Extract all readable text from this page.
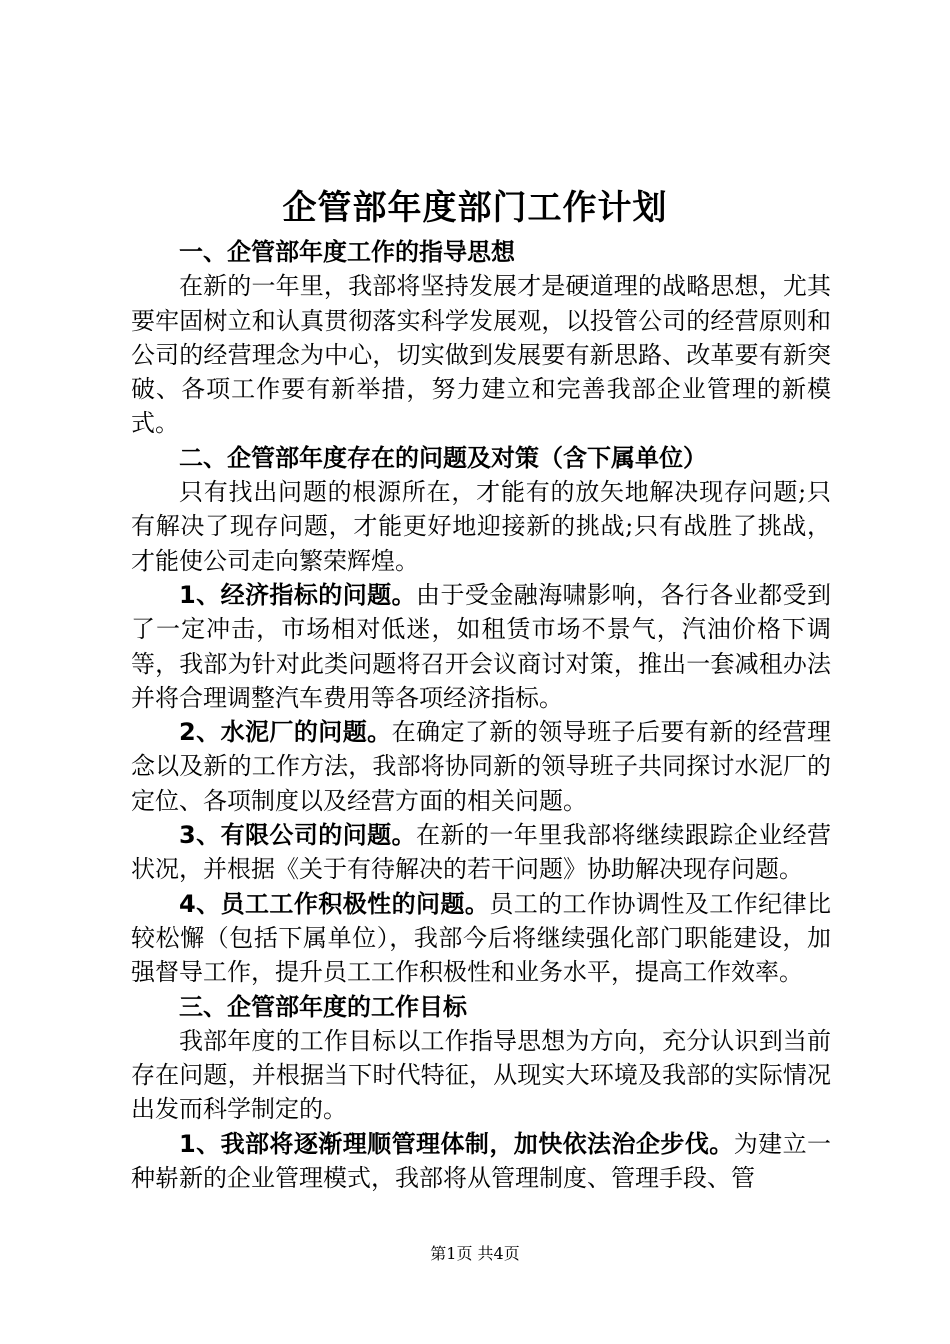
企管部年度部门工作计划

一、企管部年度工作的指导思想

在新的一年里，我部将坚持发展才是硬道理的战略思想，尤其要牢固树立和认真贯彻落实科学发展观，以投管公司的经营原则和公司的经营理念为中心，切实做到发展要有新思路、改革要有新突破、各项工作要有新举措，努力建立和完善我部企业管理的新模式。

二、企管部年度存在的问题及对策（含下属单位）

只有找出问题的根源所在，才能有的放矢地解决现存问题;只有解决了现存问题，才能更好地迎接新的挑战;只有战胜了挑战，才能使公司走向繁荣辉煌。

1、经济指标的问题。由于受金融海啸影响，各行各业都受到了一定冲击，市场相对低迷，如租赁市场不景气，汽油价格下调等，我部为针对此类问题将召开会议商讨对策，推出一套减租办法并将合理调整汽车费用等各项经济指标。

2、水泥厂的问题。在确定了新的领导班子后要有新的经营理念以及新的工作方法，我部将协同新的领导班子共同探讨水泥厂的定位、各项制度以及经营方面的相关问题。

3、有限公司的问题。在新的一年里我部将继续跟踪企业经营状况，并根据《关于有待解决的若干问题》协助解决现存问题。

4、员工工作积极性的问题。员工的工作协调性及工作纪律比较松懈（包括下属单位），我部今后将继续强化部门职能建设，加强督导工作，提升员工工作积极性和业务水平，提高工作效率。

三、企管部年度的工作目标

我部年度的工作目标以工作指导思想为方向，充分认识到当前存在问题，并根据当下时代特征，从现实大环境及我部的实际情况出发而科学制定的。

1、我部将逐渐理顺管理体制，加快依法治企步伐。为建立一种崭新的企业管理模式，我部将从管理制度、管理手段、管

第1页 共4页
